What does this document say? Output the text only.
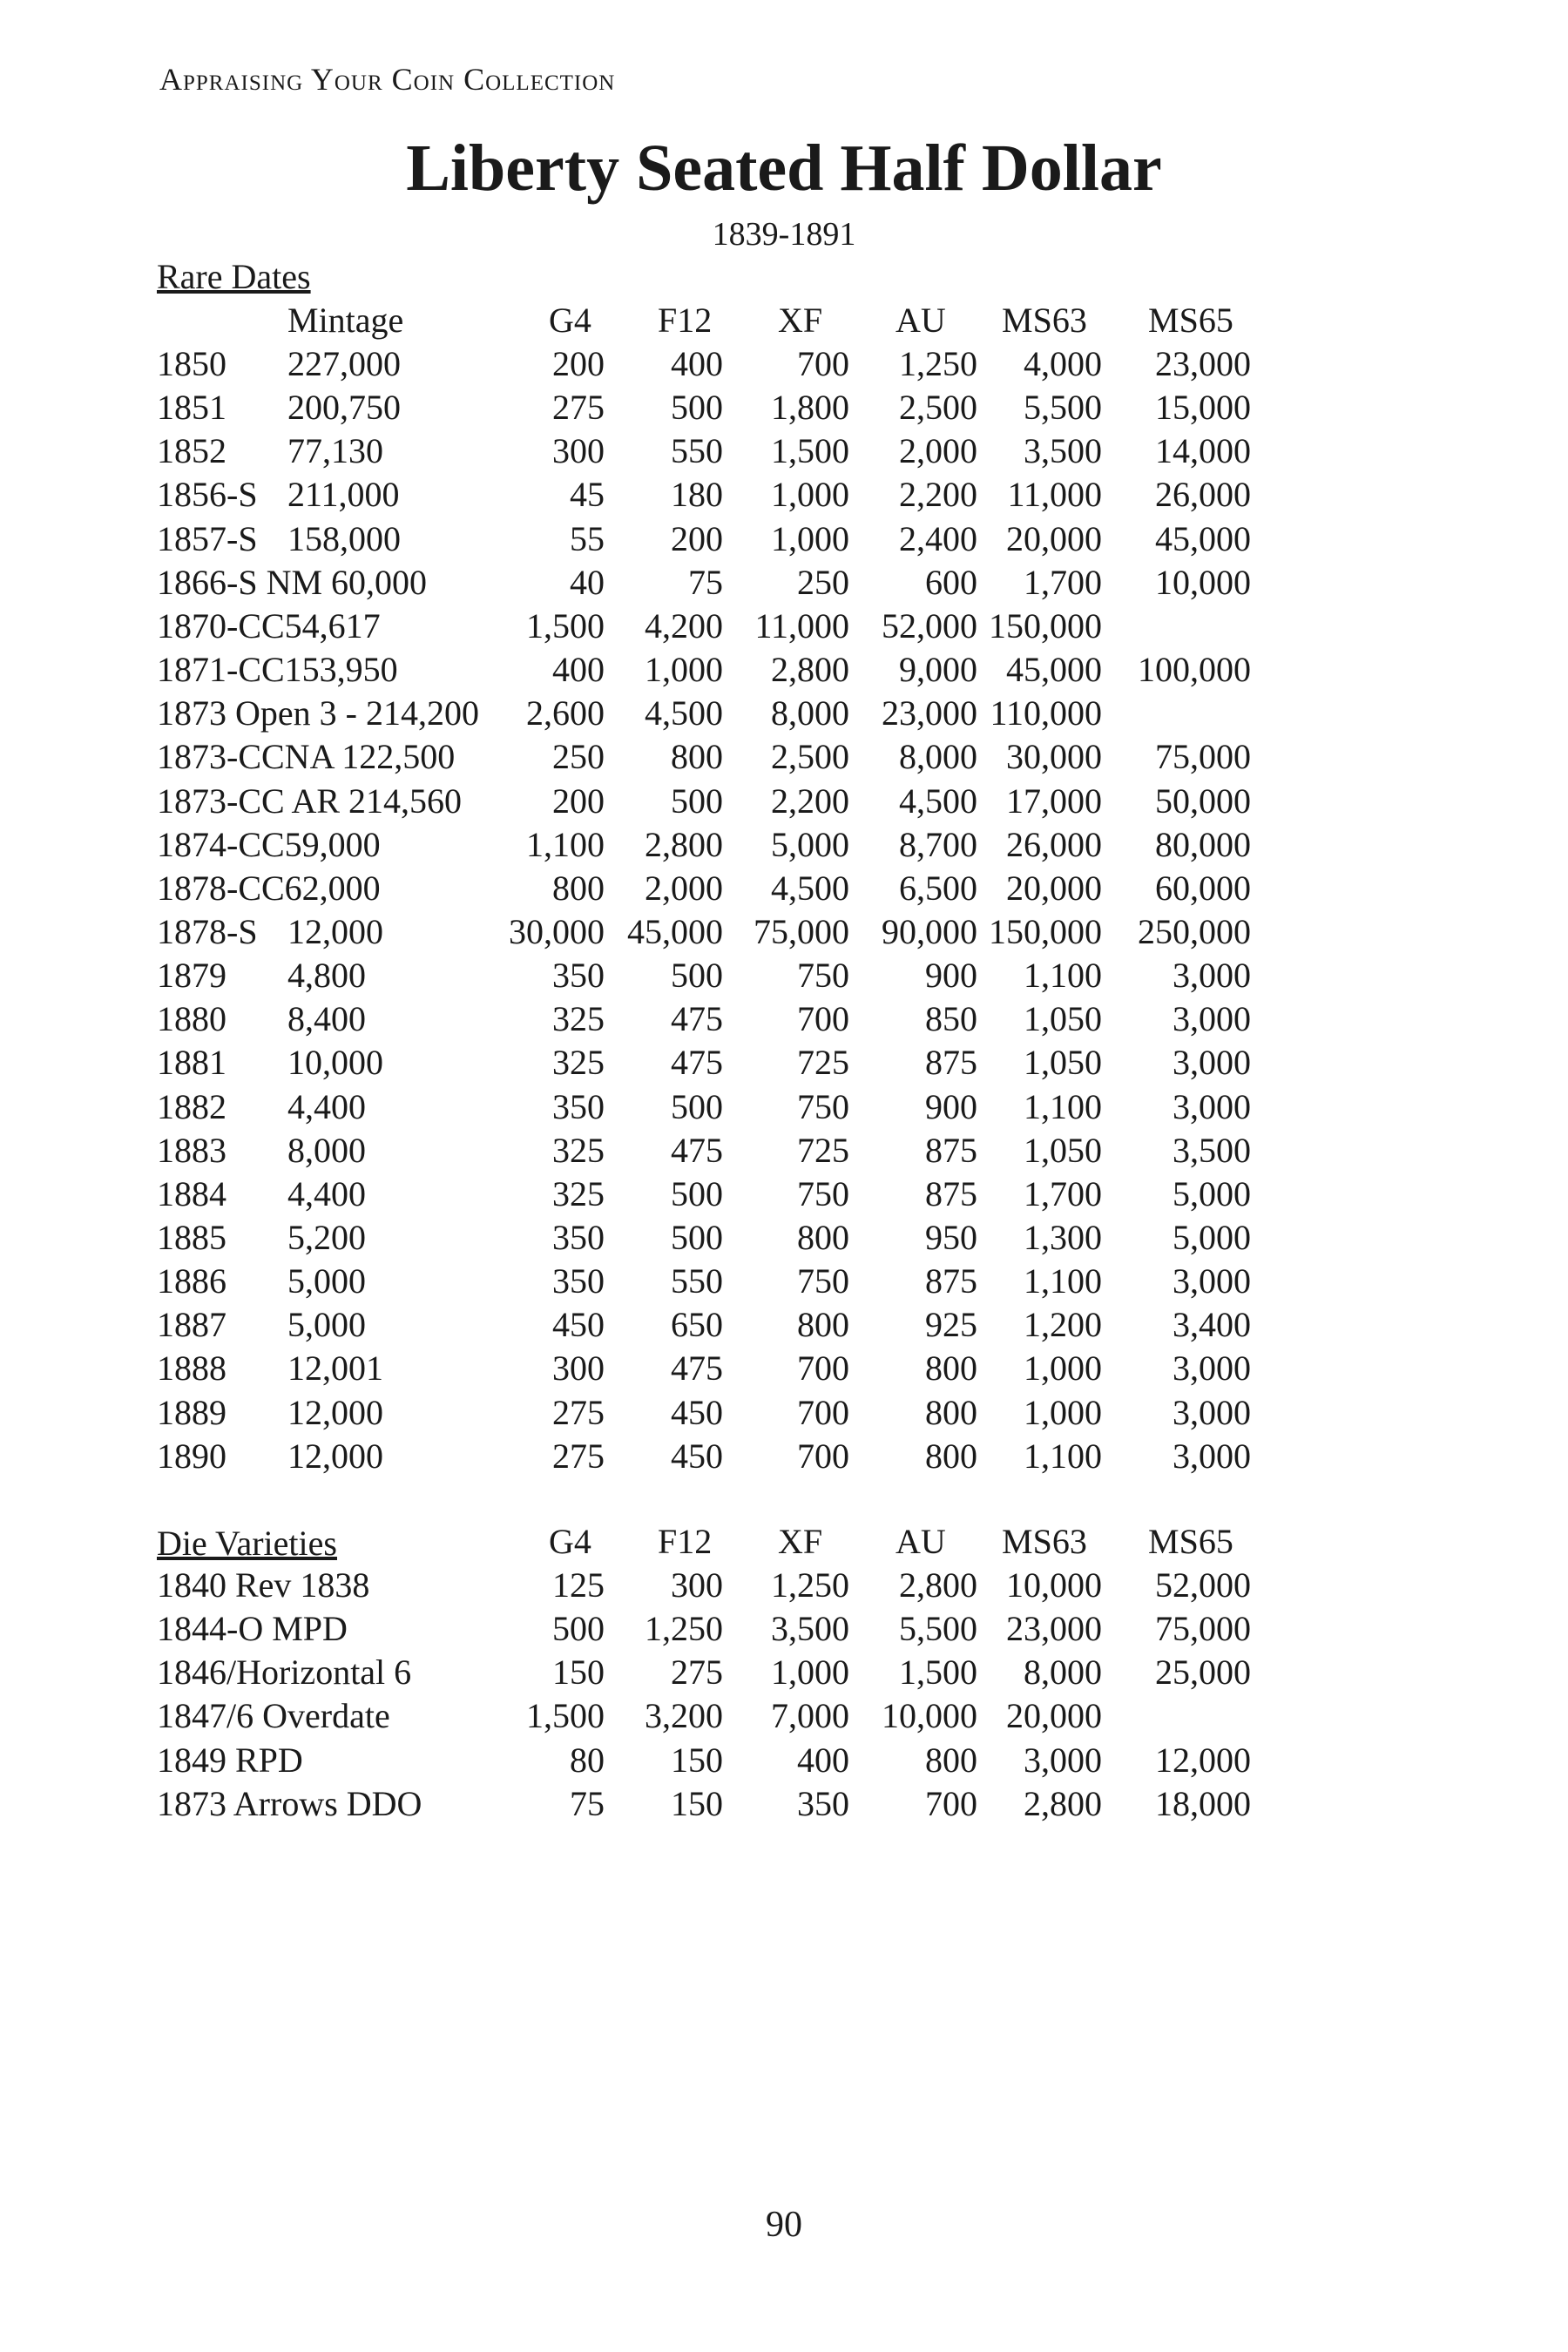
Appraising Your Coin Collection
Liberty Seated Half Dollar
1839-1891
Rare Dates
Mintage	G4 F12 XF AU MS63 MS65
1850 227,000	200 400 700 1,250 4,000 23,000
1851 200,750	275 500 1,800 2,500 5,500 15,000
1852 77,130	300 550 1,500 2,000 3,500 14,000
1856-S 211,000	45 180 1,000 2,200 11,000 26,000
1857-S 158,000	55 200 1,000 2,400 20,000 45,000
1866-S NM 60,000	40 75 250 600 1,700 10,000
1870-CC54,617	1,500 4,200 11,000 52,000 150,000
1871-CC153,950	400 1,000 2,800 9,000 45,000 100,000
1873 Open 3 - 214,200 2,600 4,500 8,000 23,000 110,000
1873-CCNA 122,500	250 800 2,500 8,000 30,000 75,000
1873-CC AR 214,560	200 500 2,200 4,500 17,000 50,000
1874-CC59,000	1,100 2,800 5,000 8,700 26,000 80,000
1878-CC62,000	800 2,000 4,500 6,500 20,000 60,000
1878-S 12,000	30,000 45,000 75,000 90,000 150,000 250,000
1879 4,800	350 500 750 900 1,100 3,000
1880 8,400	325 475 700 850 1,050 3,000
1881 10,000	325 475 725 875 1,050 3,000
1882 4,400	350 500 750 900 1,100 3,000
1883 8,000	325 475 725 875 1,050 3,500
1884 4,400	325 500 750 875 1,700 5,000
1885 5,200	350 500 800 950 1,300 5,000
1886 5,000	350 550 750 875 1,100 3,000
1887 5,000	450 650 800 925 1,200 3,400
1888 12,001	300 475 700 800 1,000 3,000
1889 12,000	275 450 700 800 1,000 3,000
1890 12,000	275 450 700 800 1,100 3,000
Die Varieties	G4 F12 XF AU MS63 MS65
1840 Rev 1838	125 300 1,250 2,800 10,000 52,000
1844-O MPD	500 1,250 3,500 5,500 23,000 75,000
1846/Horizontal 6	150 275 1,000 1,500 8,000 25,000
1847/6 Overdate	1,500 3,200 7,000 10,000 20,000
1849 RPD	80 150 400 800 3,000 12,000
1873 Arrows DDO	75 150 350 700 2,800 18,000
90
